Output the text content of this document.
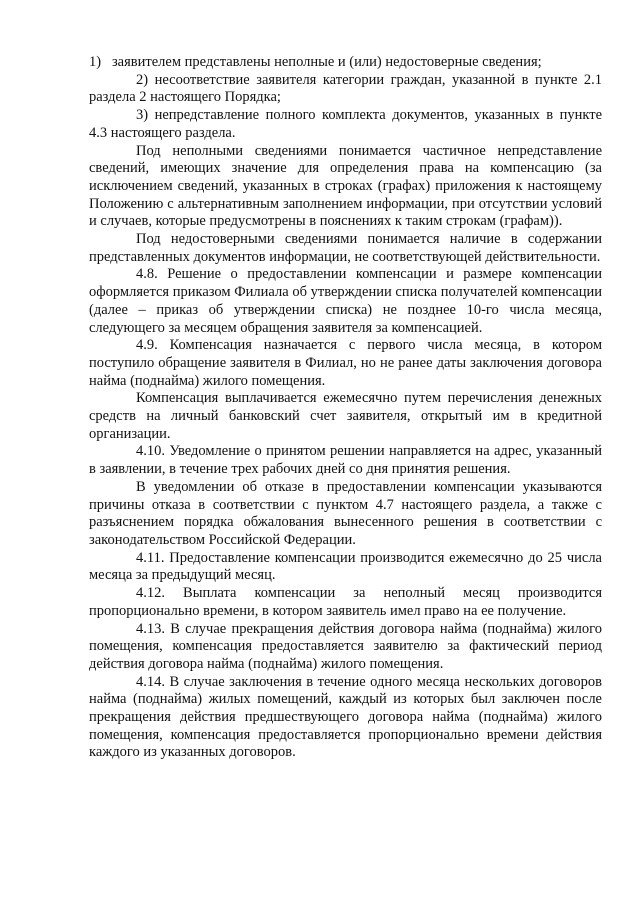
1)   заявителем представлены неполные и (или) недостоверные сведения;

2) несоответствие заявителя категории граждан, указанной в пункте 2.1 раздела 2 настоящего Порядка;

3) непредставление полного комплекта документов, указанных в пункте 4.3 настоящего раздела.

Под неполными сведениями понимается частичное непредставление сведений, имеющих значение для определения права на компенсацию (за исключением сведений, указанных в строках (графах) приложения к настоящему Положению с альтернативным заполнением информации, при отсутствии условий и случаев, которые предусмотрены в пояснениях к таким строкам (графам)).

Под недостоверными сведениями понимается наличие в содержании представленных документов информации, не соответствующей действительности.

4.8. Решение о предоставлении компенсации и размере компенсации оформляется приказом Филиала об утверждении списка получателей компенсации (далее – приказ об утверждении списка) не позднее 10-го числа месяца, следующего за месяцем обращения заявителя за компенсацией.

4.9. Компенсация назначается с первого числа месяца, в котором поступило обращение заявителя в Филиал, но не ранее даты заключения договора найма (поднайма) жилого помещения.

Компенсация выплачивается ежемесячно путем перечисления денежных средств на личный банковский счет заявителя, открытый им в кредитной организации.

4.10. Уведомление о принятом решении направляется на адрес, указанный в заявлении, в течение трех рабочих дней со дня принятия решения.

В уведомлении об отказе в предоставлении компенсации указываются причины отказа в соответствии с пунктом 4.7 настоящего раздела, а также с разъяснением порядка обжалования вынесенного решения в соответствии с законодательством Российской Федерации.

4.11. Предоставление компенсации производится ежемесячно до 25 числа месяца за предыдущий месяц.

4.12. Выплата компенсации за неполный месяц производится пропорционально времени, в котором заявитель имел право на ее получение.

4.13. В случае прекращения действия договора найма (поднайма) жилого помещения, компенсация предоставляется заявителю за фактический период действия договора найма (поднайма) жилого помещения.

4.14. В случае заключения в течение одного месяца нескольких договоров найма (поднайма) жилых помещений, каждый из которых был заключен после прекращения действия предшествующего договора найма (поднайма) жилого помещения, компенсация предоставляется пропорционально времени действия каждого из указанных договоров.
